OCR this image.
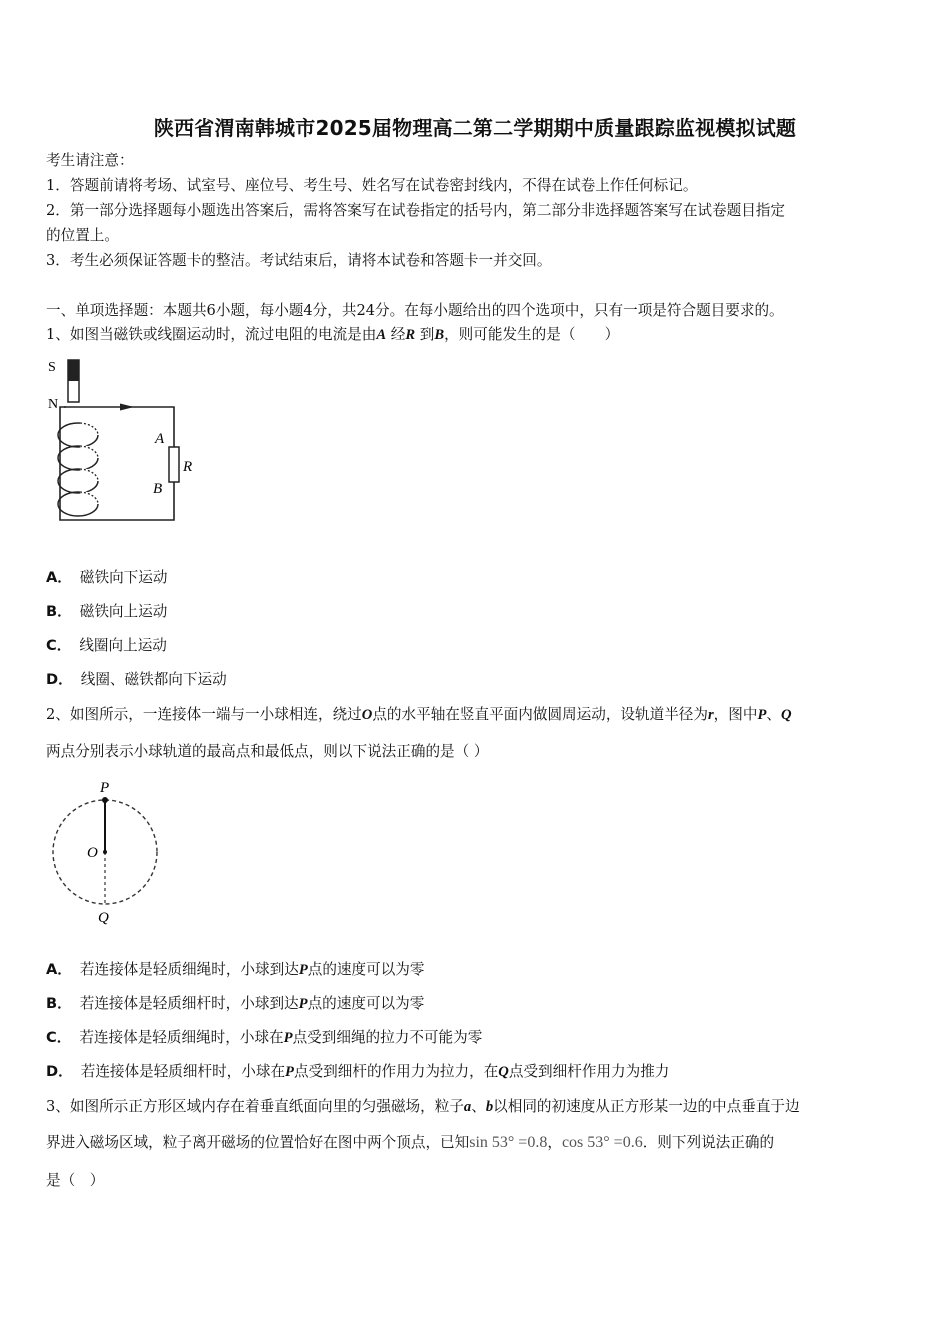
陕西省渭南韩城市2025届物理高二第二学期期中质量跟踪监视模拟试题
考生请注意：
1．答题前请将考场、试室号、座位号、考生号、姓名写在试卷密封线内，不得在试卷上作任何标记。
2．第一部分选择题每小题选出答案后，需将答案写在试卷指定的括号内，第二部分非选择题答案写在试卷题目指定
的位置上。
3．考生必须保证答题卡的整洁。考试结束后，请将本试卷和答题卡一并交回。
一、单项选择题：本题共6小题，每小题4分，共24分。在每小题给出的四个选项中，只有一项是符合题目要求的。
1、如图当磁铁或线圈运动时，流过电阻的电流是由A 经R 到B，则可能发生的是（　　）
S
N
A
B
R
A． 磁铁向下运动
B． 磁铁向上运动
C． 线圈向上运动
D． 线圈、磁铁都向下运动
2、如图所示，一连接体一端与一小球相连，绕过O点的水平轴在竖直平面内做圆周运动，设轨道半径为r，图中P、Q
两点分别表示小球轨道的最高点和最低点，则以下说法正确的是（ ）
P
O
Q
A． 若连接体是轻质细绳时，小球到达P点的速度可以为零
B． 若连接体是轻质细杆时，小球到达P点的速度可以为零
C． 若连接体是轻质细绳时，小球在P点受到细绳的拉力不可能为零
D． 若连接体是轻质细杆时，小球在P点受到细杆的作用力为拉力，在Q点受到细杆作用力为推力
3、如图所示正方形区域内存在着垂直纸面向里的匀强磁场，粒子a、b以相同的初速度从正方形某一边的中点垂直于边
界进入磁场区域，粒子离开磁场的位置恰好在图中两个顶点，已知sin 53° =0.8，cos 53° =0.6．则下列说法正确的
是（　）
